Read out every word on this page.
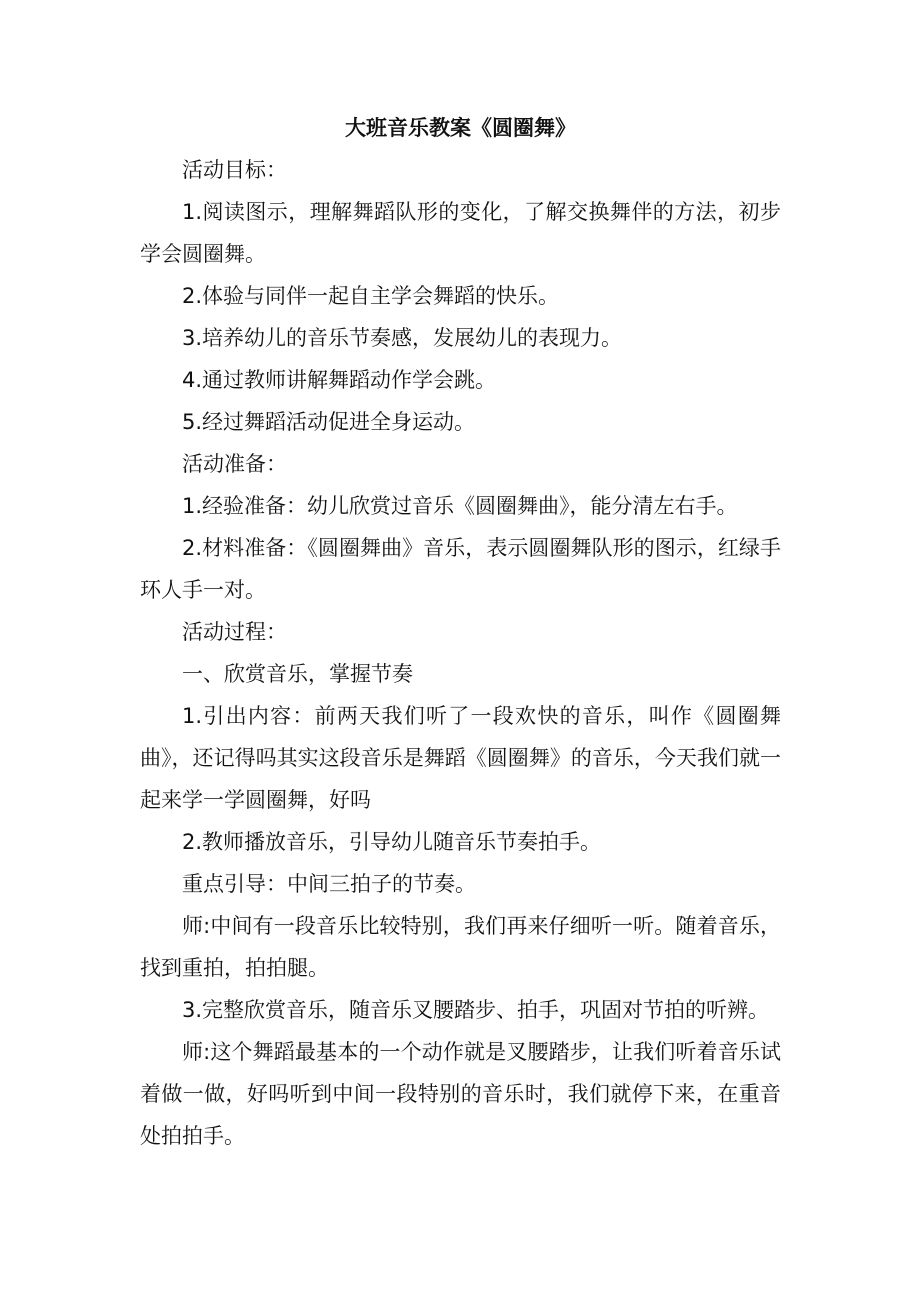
大班音乐教案《圆圈舞》

活动目标：

1.阅读图示，理解舞蹈队形的变化，了解交换舞伴的方法，初步学会圆圈舞。

2.体验与同伴一起自主学会舞蹈的快乐。

3.培养幼儿的音乐节奏感，发展幼儿的表现力。

4.通过教师讲解舞蹈动作学会跳。

5.经过舞蹈活动促进全身运动。

活动准备：

1.经验准备：幼儿欣赏过音乐《圆圈舞曲》，能分清左右手。

2.材料准备：《圆圈舞曲》音乐，表示圆圈舞队形的图示，红绿手环人手一对。

活动过程：

一、欣赏音乐，掌握节奏

1.引出内容：前两天我们听了一段欢快的音乐，叫作《圆圈舞曲》，还记得吗其实这段音乐是舞蹈《圆圈舞》的音乐，今天我们就一起来学一学圆圈舞，好吗

2.教师播放音乐，引导幼儿随音乐节奏拍手。

重点引导：中间三拍子的节奏。

师:中间有一段音乐比较特别，我们再来仔细听一听。随着音乐，找到重拍，拍拍腿。

3.完整欣赏音乐，随音乐叉腰踏步、拍手，巩固对节拍的听辨。

师:这个舞蹈最基本的一个动作就是叉腰踏步，让我们听着音乐试着做一做，好吗听到中间一段特别的音乐时，我们就停下来，在重音处拍拍手。
